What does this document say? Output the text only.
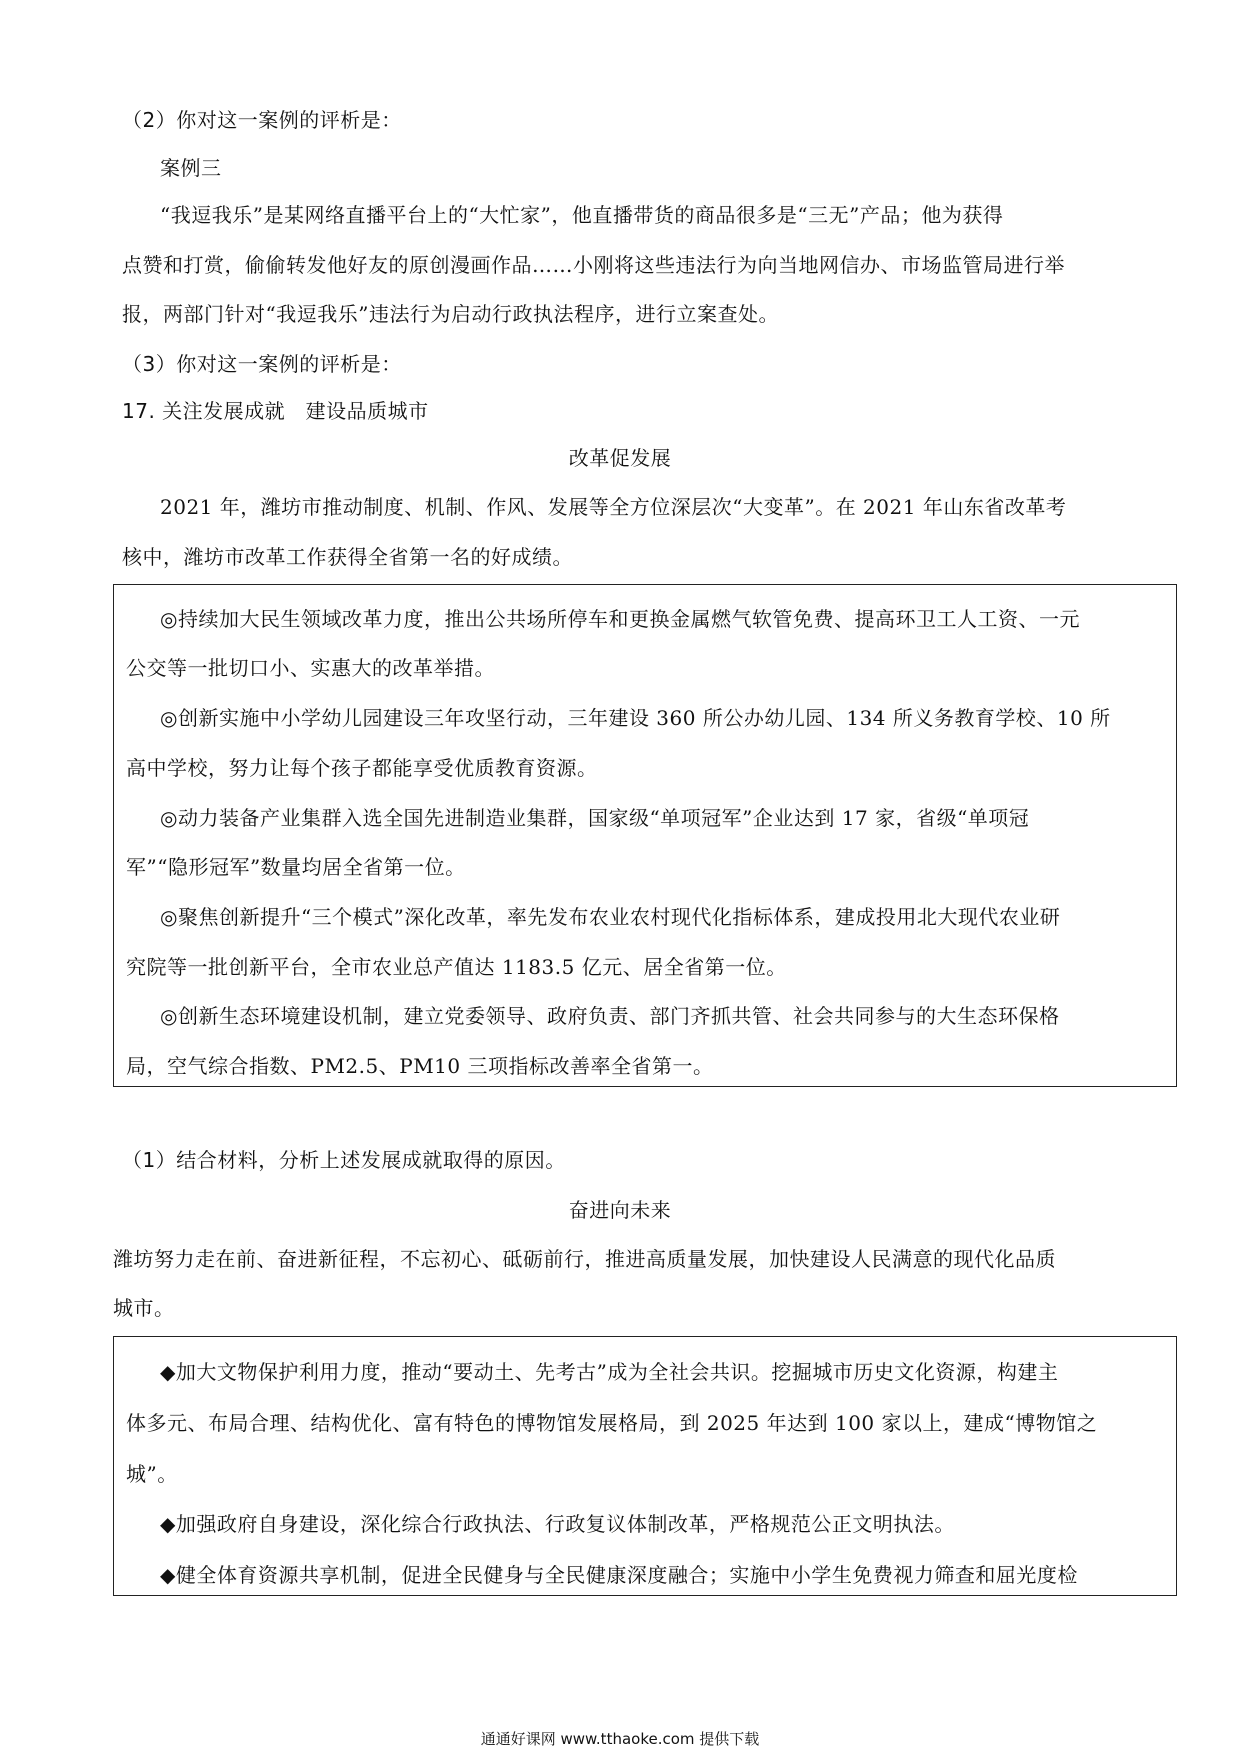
（2）你对这一案例的评析是：
案例三
“我逗我乐”是某网络直播平台上的“大忙家”，他直播带货的商品很多是“三无”产品；他为获得
点赞和打赏，偷偷转发他好友的原创漫画作品……小刚将这些违法行为向当地网信办、市场监管局进行举
报，两部门针对“我逗我乐”违法行为启动行政执法程序，进行立案查处。
（3）你对这一案例的评析是：
17. 关注发展成就　建设品质城市
改革促发展
2021 年，潍坊市推动制度、机制、作风、发展等全方位深层次“大变革”。在 2021 年山东省改革考
核中，潍坊市改革工作获得全省第一名的好成绩。
◎持续加大民生领域改革力度，推出公共场所停车和更换金属燃气软管免费、提高环卫工人工资、一元
公交等一批切口小、实惠大的改革举措。
◎创新实施中小学幼儿园建设三年攻坚行动，三年建设 360 所公办幼儿园、134 所义务教育学校、10 所
高中学校，努力让每个孩子都能享受优质教育资源。
◎动力装备产业集群入选全国先进制造业集群，国家级“单项冠军”企业达到 17 家，省级“单项冠
军”“隐形冠军”数量均居全省第一位。
◎聚焦创新提升“三个模式”深化改革，率先发布农业农村现代化指标体系，建成投用北大现代农业研
究院等一批创新平台，全市农业总产值达 1183.5 亿元、居全省第一位。
◎创新生态环境建设机制，建立党委领导、政府负责、部门齐抓共管、社会共同参与的大生态环保格
局，空气综合指数、PM2.5、PM10 三项指标改善率全省第一。
（1）结合材料，分析上述发展成就取得的原因。
奋进向未来
潍坊努力走在前、奋进新征程，不忘初心、砥砺前行，推进高质量发展，加快建设人民满意的现代化品质
城市。
◆加大文物保护利用力度，推动“要动土、先考古”成为全社会共识。挖掘城市历史文化资源，构建主
体多元、布局合理、结构优化、富有特色的博物馆发展格局，到 2025 年达到 100 家以上，建成“博物馆之
城”。
◆加强政府自身建设，深化综合行政执法、行政复议体制改革，严格规范公正文明执法。
◆健全体育资源共享机制，促进全民健身与全民健康深度融合；实施中小学生免费视力筛查和屈光度检
通通好课网 www.tthaoke.com 提供下载
